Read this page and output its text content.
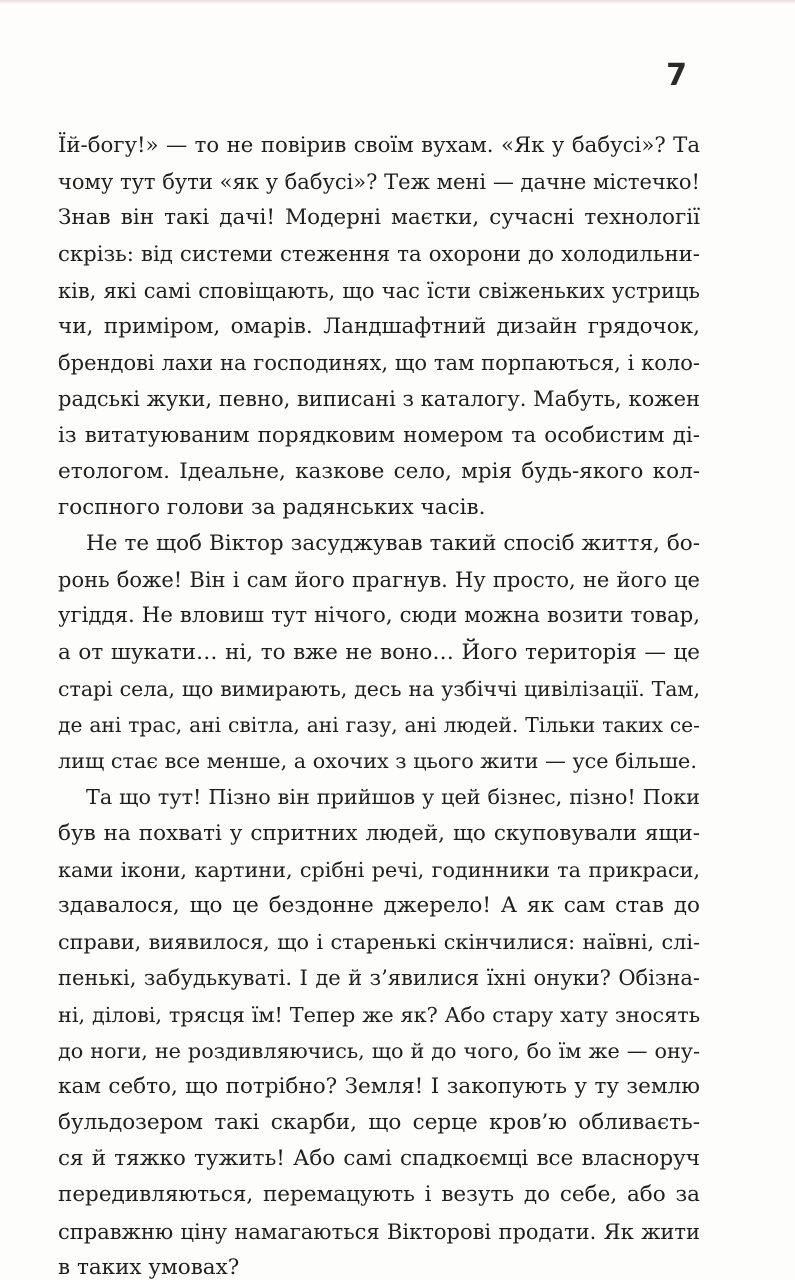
7
Їй-богу!» — то не повірив своїм вухам. «Як у бабусі»? Та
чому тут бути «як у бабусі»? Теж мені — дачне містечко!
Знав він такі дачі! Модерні маєтки, сучасні технології
скрізь: від системи стеження та охорони до холодильни-
ків, які самі сповіщають, що час їсти свіженьких устриць
чи, приміром, омарів. Ландшафтний дизайн грядочок,
брендові лахи на господинях, що там порпаються, і коло-
радські жуки, певно, виписані з каталогу. Мабуть, кожен
із витатуюваним порядковим номером та особистим ді-
етологом. Ідеальне, казкове село, мрія будь-якого кол-
госпного голови за радянських часів.
Не те щоб Віктор засуджував такий спосіб життя, бо-
ронь боже! Він і сам його прагнув. Ну просто, не його це
угіддя. Не вловиш тут нічого, сюди можна возити товар,
а от шукати… ні, то вже не воно… Його територія — це
старі села, що вимирають, десь на узбіччі цивілізації. Там,
де ані трас, ані світла, ані газу, ані людей. Тільки таких се-
лищ стає все менше, а охочих з цього жити — усе більше.
Та що тут! Пізно він прийшов у цей бізнес, пізно! Поки
був на похваті у спритних людей, що скуповували ящи-
ками ікони, картини, срібні речі, годинники та прикраси,
здавалося, що це бездонне джерело! А як сам став до
справи, виявилося, що і старенькі скінчилися: наївні, слі-
пенькі, забудькуваті. І де й з’явилися їхні онуки? Обізна-
ні, ділові, трясця їм! Тепер же як? Або стару хату зносять
до ноги, не роздивляючись, що й до чого, бо їм же — ону-
кам себто, що потрібно? Земля! І закопують у ту землю
бульдозером такі скарби, що серце кров’ю обливаєть-
ся й тяжко тужить! Або самі спадкоємці все власноруч
передивляються, перемацують і везуть до себе, або за
справжню ціну намагаються Вікторові продати. Як жити
в таких умовах?
